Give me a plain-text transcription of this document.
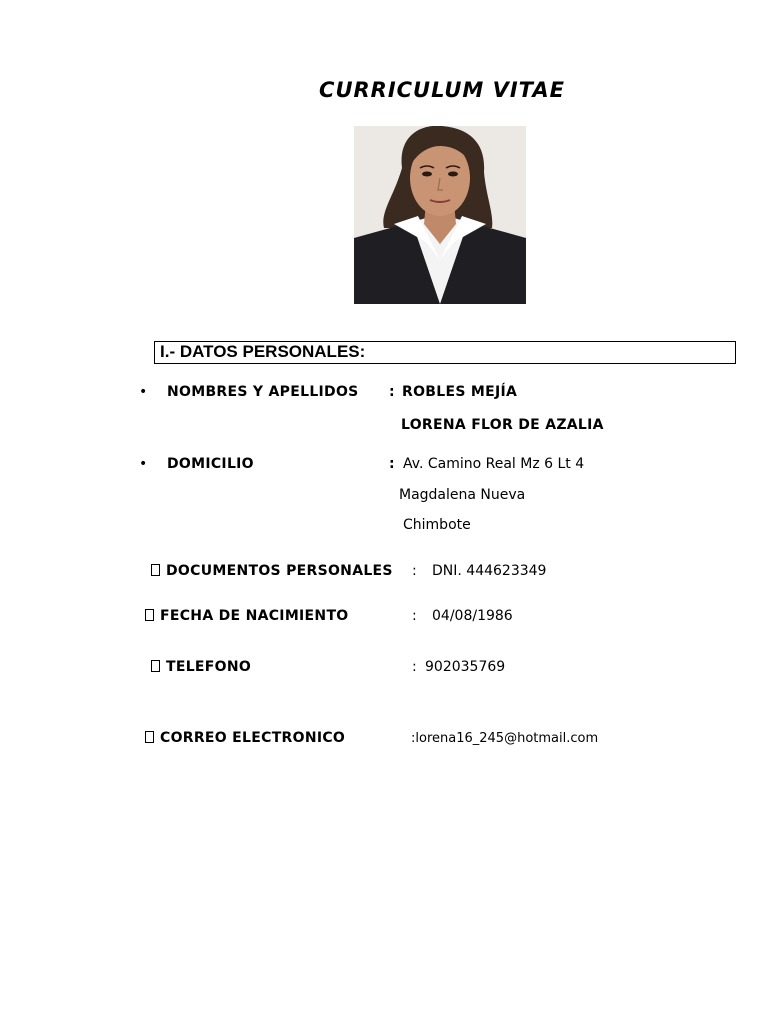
CURRICULUM VITAE
I.- DATOS PERSONALES:
• NOMBRES Y APELLIDOS : ROBLES MEJÍA
LORENA FLOR DE AZALIA
• DOMICILIO	: Av. Camino Real Mz 6 Lt 4
Magdalena Nueva
Chimbote
DOCUMENTOS PERSONALES : DNI. 444623349
FECHA DE NACIMIENTO	: 04/08/1986
TELEFONO	: 902035769
CORREO ELECTRONICO	:lorena16_245@hotmail.com
